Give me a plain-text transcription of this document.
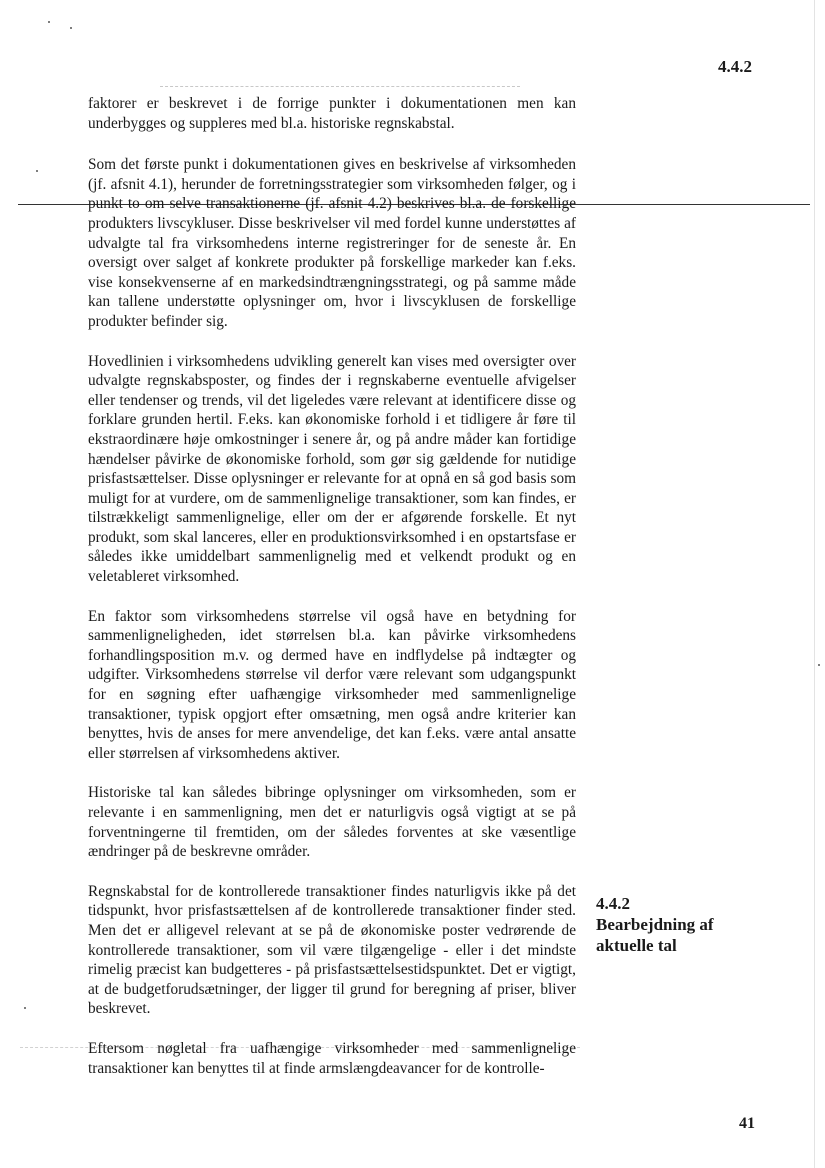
4.4.2

faktorer er beskrevet i de forrige punkter i dokumentationen men kan underbygges og suppleres med bl.a. historiske regnskabstal.

Som det første punkt i dokumentationen gives en beskrivelse af virksomheden (jf. afsnit 4.1), herunder de forretningsstrategier som virksomheden følger, og i punkt to om selve transaktionerne (jf. afsnit 4.2) beskrives bl.a. de forskellige produkters livscykluser. Disse beskrivelser vil med fordel kunne understøttes af udvalgte tal fra virksomhedens interne registreringer for de seneste år. En oversigt over salget af konkrete produkter på forskellige markeder kan f.eks. vise konsekvenserne af en markedsindtrængningsstrategi, og på samme måde kan tallene understøtte oplysninger om, hvor i livscyklusen de forskellige produkter befinder sig.

Hovedlinien i virksomhedens udvikling generelt kan vises med oversigter over udvalgte regnskabsposter, og findes der i regnskaberne eventuelle afvigelser eller tendenser og trends, vil det ligeledes være relevant at identificere disse og forklare grunden hertil. F.eks. kan økonomiske forhold i et tidligere år føre til ekstraordinære høje omkostninger i senere år, og på andre måder kan fortidige hændelser påvirke de økonomiske forhold, som gør sig gældende for nutidige prisfastsættelser. Disse oplysninger er relevante for at opnå en så god basis som muligt for at vurdere, om de sammenlignelige transaktioner, som kan findes, er tilstrækkeligt sammenlignelige, eller om der er afgørende forskelle. Et nyt produkt, som skal lanceres, eller en produktionsvirksomhed i en opstartsfase er således ikke umiddelbart sammenlignelig med et velkendt produkt og en veletableret virksomhed.

En faktor som virksomhedens størrelse vil også have en betydning for sammenligneligheden, idet størrelsen bl.a. kan påvirke virksomhedens forhandlingsposition m.v. og dermed have en indflydelse på indtægter og udgifter. Virksomhedens størrelse vil derfor være relevant som udgangspunkt for en søgning efter uafhængige virksomheder med sammenlignelige transaktioner, typisk opgjort efter omsætning, men også andre kriterier kan benyttes, hvis de anses for mere anvendelige, det kan f.eks. være antal ansatte eller størrelsen af virksomhedens aktiver.

Historiske tal kan således bibringe oplysninger om virksomheden, som er relevante i en sammenligning, men det er naturligvis også vigtigt at se på forventningerne til fremtiden, om der således forventes at ske væsentlige ændringer på de beskrevne områder.

Regnskabstal for de kontrollerede transaktioner findes naturligvis ikke på det tidspunkt, hvor prisfastsættelsen af de kontrollerede transaktioner finder sted. Men det er alligevel relevant at se på de økonomiske poster vedrørende de kontrollerede transaktioner, som vil være tilgængelige - eller i det mindste rimelig præcist kan budgetteres - på prisfastsættelsestidspunktet. Det er vigtigt, at de budgetforudsætninger, der ligger til grund for beregning af priser, bliver beskrevet.

Eftersom nøgletal fra uafhængige virksomheder med sammenlignelige transaktioner kan benyttes til at finde armslængdeavancer for de kontrolle-

4.4.2
Bearbejdning af aktuelle tal
41
